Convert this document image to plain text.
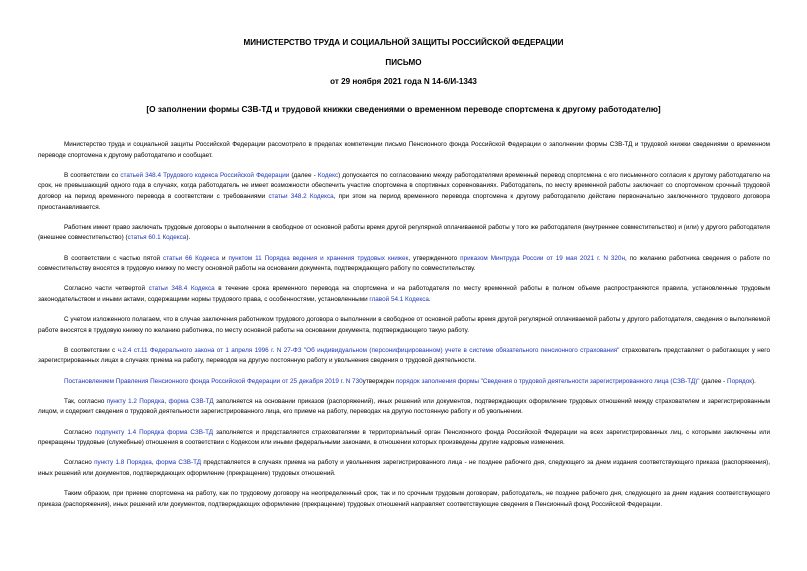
МИНИСТЕРСТВО ТРУДА И СОЦИАЛЬНОЙ ЗАЩИТЫ РОССИЙСКОЙ ФЕДЕРАЦИИ
ПИСЬМО
от 29 ноября 2021 года N 14-6/И-1343
[О заполнении формы СЗВ-ТД и трудовой книжки сведениями о временном переводе спортсмена к другому работодателю]

Министерство труда и социальной защиты Российской Федерации рассмотрело в пределах компетенции письмо Пенсионного фонда Российской Федерации о заполнении формы СЗВ-ТД и трудовой книжки сведениями о временном переводе спортсмена к другому работодателю и сообщает.

В соответствии со статьей 348.4 Трудового кодекса Российской Федерации (далее - Кодекс) допускается по согласованию между работодателями временный перевод спортсмена с его письменного согласия к другому работодателю на срок, не превышающий одного года в случаях, когда работодатель не имеет возможности обеспечить участие спортсмена в спортивных соревнованиях. Работодатель, по месту временной работы заключает со спортсменом срочный трудовой договор на период временного перевода в соответствии с требованиями статьи 348.2 Кодекса, при этом на период временного перевода спортсмена к другому работодателю действие первоначально заключенного трудового договора приостанавливается.

Работник имеет право заключать трудовые договоры о выполнении в свободное от основной работы время другой регулярной оплачиваемой работы у того же работодателя (внутреннее совместительство) и (или) у другого работодателя (внешнее совместительство) (статья 60.1 Кодекса).

В соответствии с частью пятой статьи 66 Кодекса и пунктом 11 Порядка ведения и хранения трудовых книжек, утвержденного приказом Минтруда России от 19 мая 2021 г. N 320н, по желанию работника сведения о работе по совместительству вносятся в трудовую книжку по месту основной работы на основании документа, подтверждающего работу по совместительству.

Согласно части четвертой статьи 348.4 Кодекса в течение срока временного перевода на спортсмена и на работодателя по месту временной работы в полном объеме распространяются правила, установленные трудовым законодательством и иными актами, содержащими нормы трудового права, с особенностями, установленными главой 54.1 Кодекса.

С учетом изложенного полагаем, что в случае заключения работником трудового договора о выполнении в свободное от основной работы время другой регулярной оплачиваемой работы у другого работодателя, сведения о выполняемой работе вносятся в трудовую книжку по желанию работника, по месту основной работы на основании документа, подтверждающего такую работу.

В соответствии с ч.2.4 ст.11 Федерального закона от 1 апреля 1996 г. N 27-ФЗ "Об индивидуальном (персонифицированном) учете в системе обязательного пенсионного страхования" страхователь представляет о работающих у него зарегистрированных лицах в случаях приема на работу, переводов на другую постоянную работу и увольнения сведения о трудовой деятельности.

Постановлением Правления Пенсионного фонда Российской Федерации от 25 декабря 2019 г. N 730утвержден порядок заполнения формы "Сведения о трудовой деятельности зарегистрированного лица (СЗВ-ТД)" (далее - Порядок).

Так, согласно пункту 1.2 Порядка, форма СЗВ-ТД заполняется на основании приказов (распоряжений), иных решений или документов, подтверждающих оформление трудовых отношений между страхователем и зарегистрированным лицом, и содержит сведения о трудовой деятельности зарегистрированного лица, его приеме на работу, переводах на другую постоянную работу и об увольнении.

Согласно подпункту 1.4 Порядка форма СЗВ-ТД заполняется и представляется страхователями в территориальный орган Пенсионного фонда Российской Федерации на всех зарегистрированных лиц, с которыми заключены или прекращены трудовые (служебные) отношения в соответствии с Кодексом или иными федеральными законами, в отношении которых произведены другие кадровые изменения.

Согласно пункту 1.8 Порядка, форма СЗВ-ТД представляется в случаях приема на работу и увольнения зарегистрированного лица - не позднее рабочего дня, следующего за днем издания соответствующего приказа (распоряжения), иных решений или документов, подтверждающих оформление (прекращение) трудовых отношений.

Таким образом, при приеме спортсмена на работу, как по трудовому договору на неопределенный срок, так и по срочным трудовым договорам, работодатель, не позднее рабочего дня, следующего за днем издания соответствующего приказа (распоряжения), иных решений или документов, подтверждающих оформление (прекращение) трудовых отношений направляет соответствующие сведения в Пенсионный фонд Российской Федерации.
